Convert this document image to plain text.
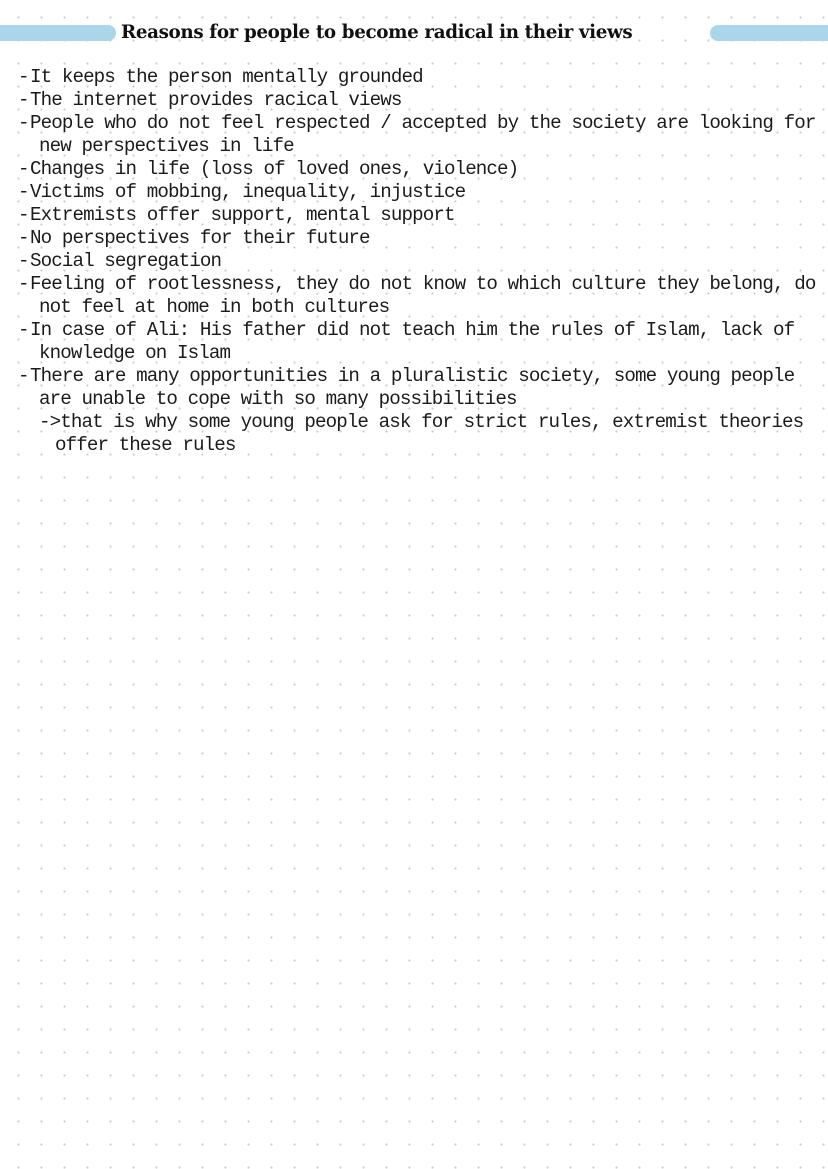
Reasons for people to become radical in their views
- It keeps the person mentally grounded
- The internet provides racical views
- People who do not feel respected / accepted by the society are looking for
new perspectives in life
- Changes in life (loss of loved ones, violence)
- Victims of mobbing, inequality, injustice
- Extremists offer support, mental support
- No perspectives for their future
- Social segregation
- Feeling of rootlessness, they do not know to which culture they belong, do
not feel at home in both cultures
- In case of Ali: His father did not teach him the rules of Islam, lack of
knowledge on Islam
- There are many opportunities in a pluralistic society, some young people
are unable to cope with so many possibilities
->that is why some young people ask for strict rules, extremist theories
offer these rules
